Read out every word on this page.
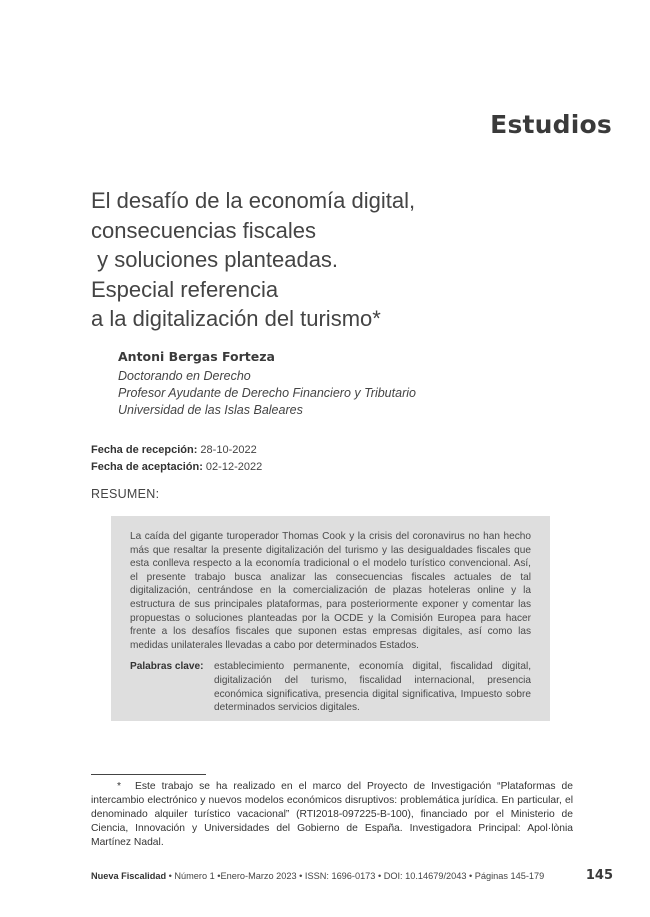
Estudios
El desafío de la economía digital,
consecuencias fiscales
y soluciones planteadas.
Especial referencia
a la digitalización del turismo*
Antoni Bergas Forteza
Doctorando en Derecho
Profesor Ayudante de Derecho Financiero y Tributario
Universidad de las Islas Baleares
Fecha de recepción: 28-10-2022
Fecha de aceptación: 02-12-2022
RESUMEN:

La caída del gigante turoperador Thomas Cook y la crisis del coronavirus no han hecho más que resaltar la presente digitalización del turismo y las desigualdades fiscales que esta conlleva respecto a la economía tradicional o el modelo turístico convencional. Así, el presente trabajo busca analizar las consecuencias fiscales actuales de tal digitalización, centrándose en la comercialización de plazas hoteleras online y la estructura de sus principales plataformas, para posteriormente exponer y comentar las propuestas o soluciones planteadas por la OCDE y la Comisión Europea para hacer frente a los desafíos fiscales que suponen estas empresas digitales, así como las medidas unilaterales llevadas a cabo por determinados Estados.

Palabras clave:	establecimiento permanente, economía digital, fiscalidad digital, digitalización del turismo, fiscalidad internacional, presencia económica significativa, presencia digital significativa, Impuesto sobre determinados servicios digitales.
* Este trabajo se ha realizado en el marco del Proyecto de Investigación “Plataformas de intercambio electrónico y nuevos modelos económicos disruptivos: problemática jurídica. En particular, el denominado alquiler turístico vacacional” (RTI2018-097225-B-100), financiado por el Ministerio de Ciencia, Innovación y Universidades del Gobierno de España. Investigadora Principal: Apol·lònia Martínez Nadal.
Nueva Fiscalidad • Número 1 •Enero-Marzo 2023 • ISSN: 1696-0173 • DOI: 10.14679/2043 • Páginas 145-179	145
